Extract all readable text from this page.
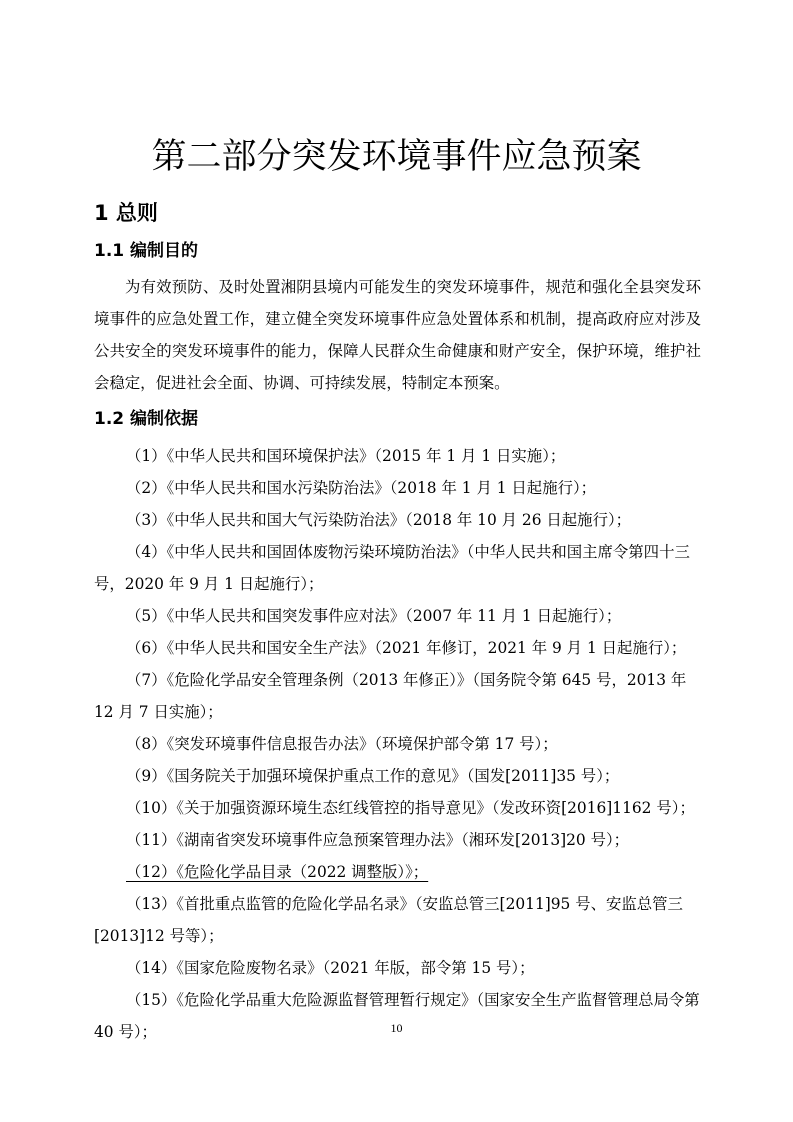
第二部分突发环境事件应急预案
1 总则
1.1 编制目的
为有效预防、及时处置湘阴县境内可能发生的突发环境事件，规范和强化全县突发环境事件的应急处置工作，建立健全突发环境事件应急处置体系和机制，提高政府应对涉及公共安全的突发环境事件的能力，保障人民群众生命健康和财产安全，保护环境，维护社会稳定，促进社会全面、协调、可持续发展，特制定本预案。
1.2 编制依据
（1）《中华人民共和国环境保护法》（2015 年 1 月 1 日实施）；
（2）《中华人民共和国水污染防治法》（2018 年 1 月 1 日起施行）；
（3）《中华人民共和国大气污染防治法》（2018 年 10 月 26 日起施行）；
（4）《中华人民共和国固体废物污染环境防治法》（中华人民共和国主席令第四十三号，2020 年 9 月 1 日起施行）；
（5）《中华人民共和国突发事件应对法》（2007 年 11 月 1 日起施行）；
（6）《中华人民共和国安全生产法》（2021 年修订，2021 年 9 月 1 日起施行）；
（7）《危险化学品安全管理条例（2013 年修正）》（国务院令第 645 号，2013 年 12 月 7 日实施）；
（8）《突发环境事件信息报告办法》（环境保护部令第 17 号）；
（9）《国务院关于加强环境保护重点工作的意见》（国发[2011]35 号）；
（10）《关于加强资源环境生态红线管控的指导意见》（发改环资[2016]1162 号）；
（11）《湖南省突发环境事件应急预案管理办法》（湘环发[2013]20 号）；
（12）《危险化学品目录（2022 调整版）》；
（13）《首批重点监管的危险化学品名录》（安监总管三[2011]95 号、安监总管三[2013]12 号等）；
（14）《国家危险废物名录》（2021 年版，部令第 15 号）；
（15）《危险化学品重大危险源监督管理暂行规定》（国家安全生产监督管理总局令第 40 号）；	10
